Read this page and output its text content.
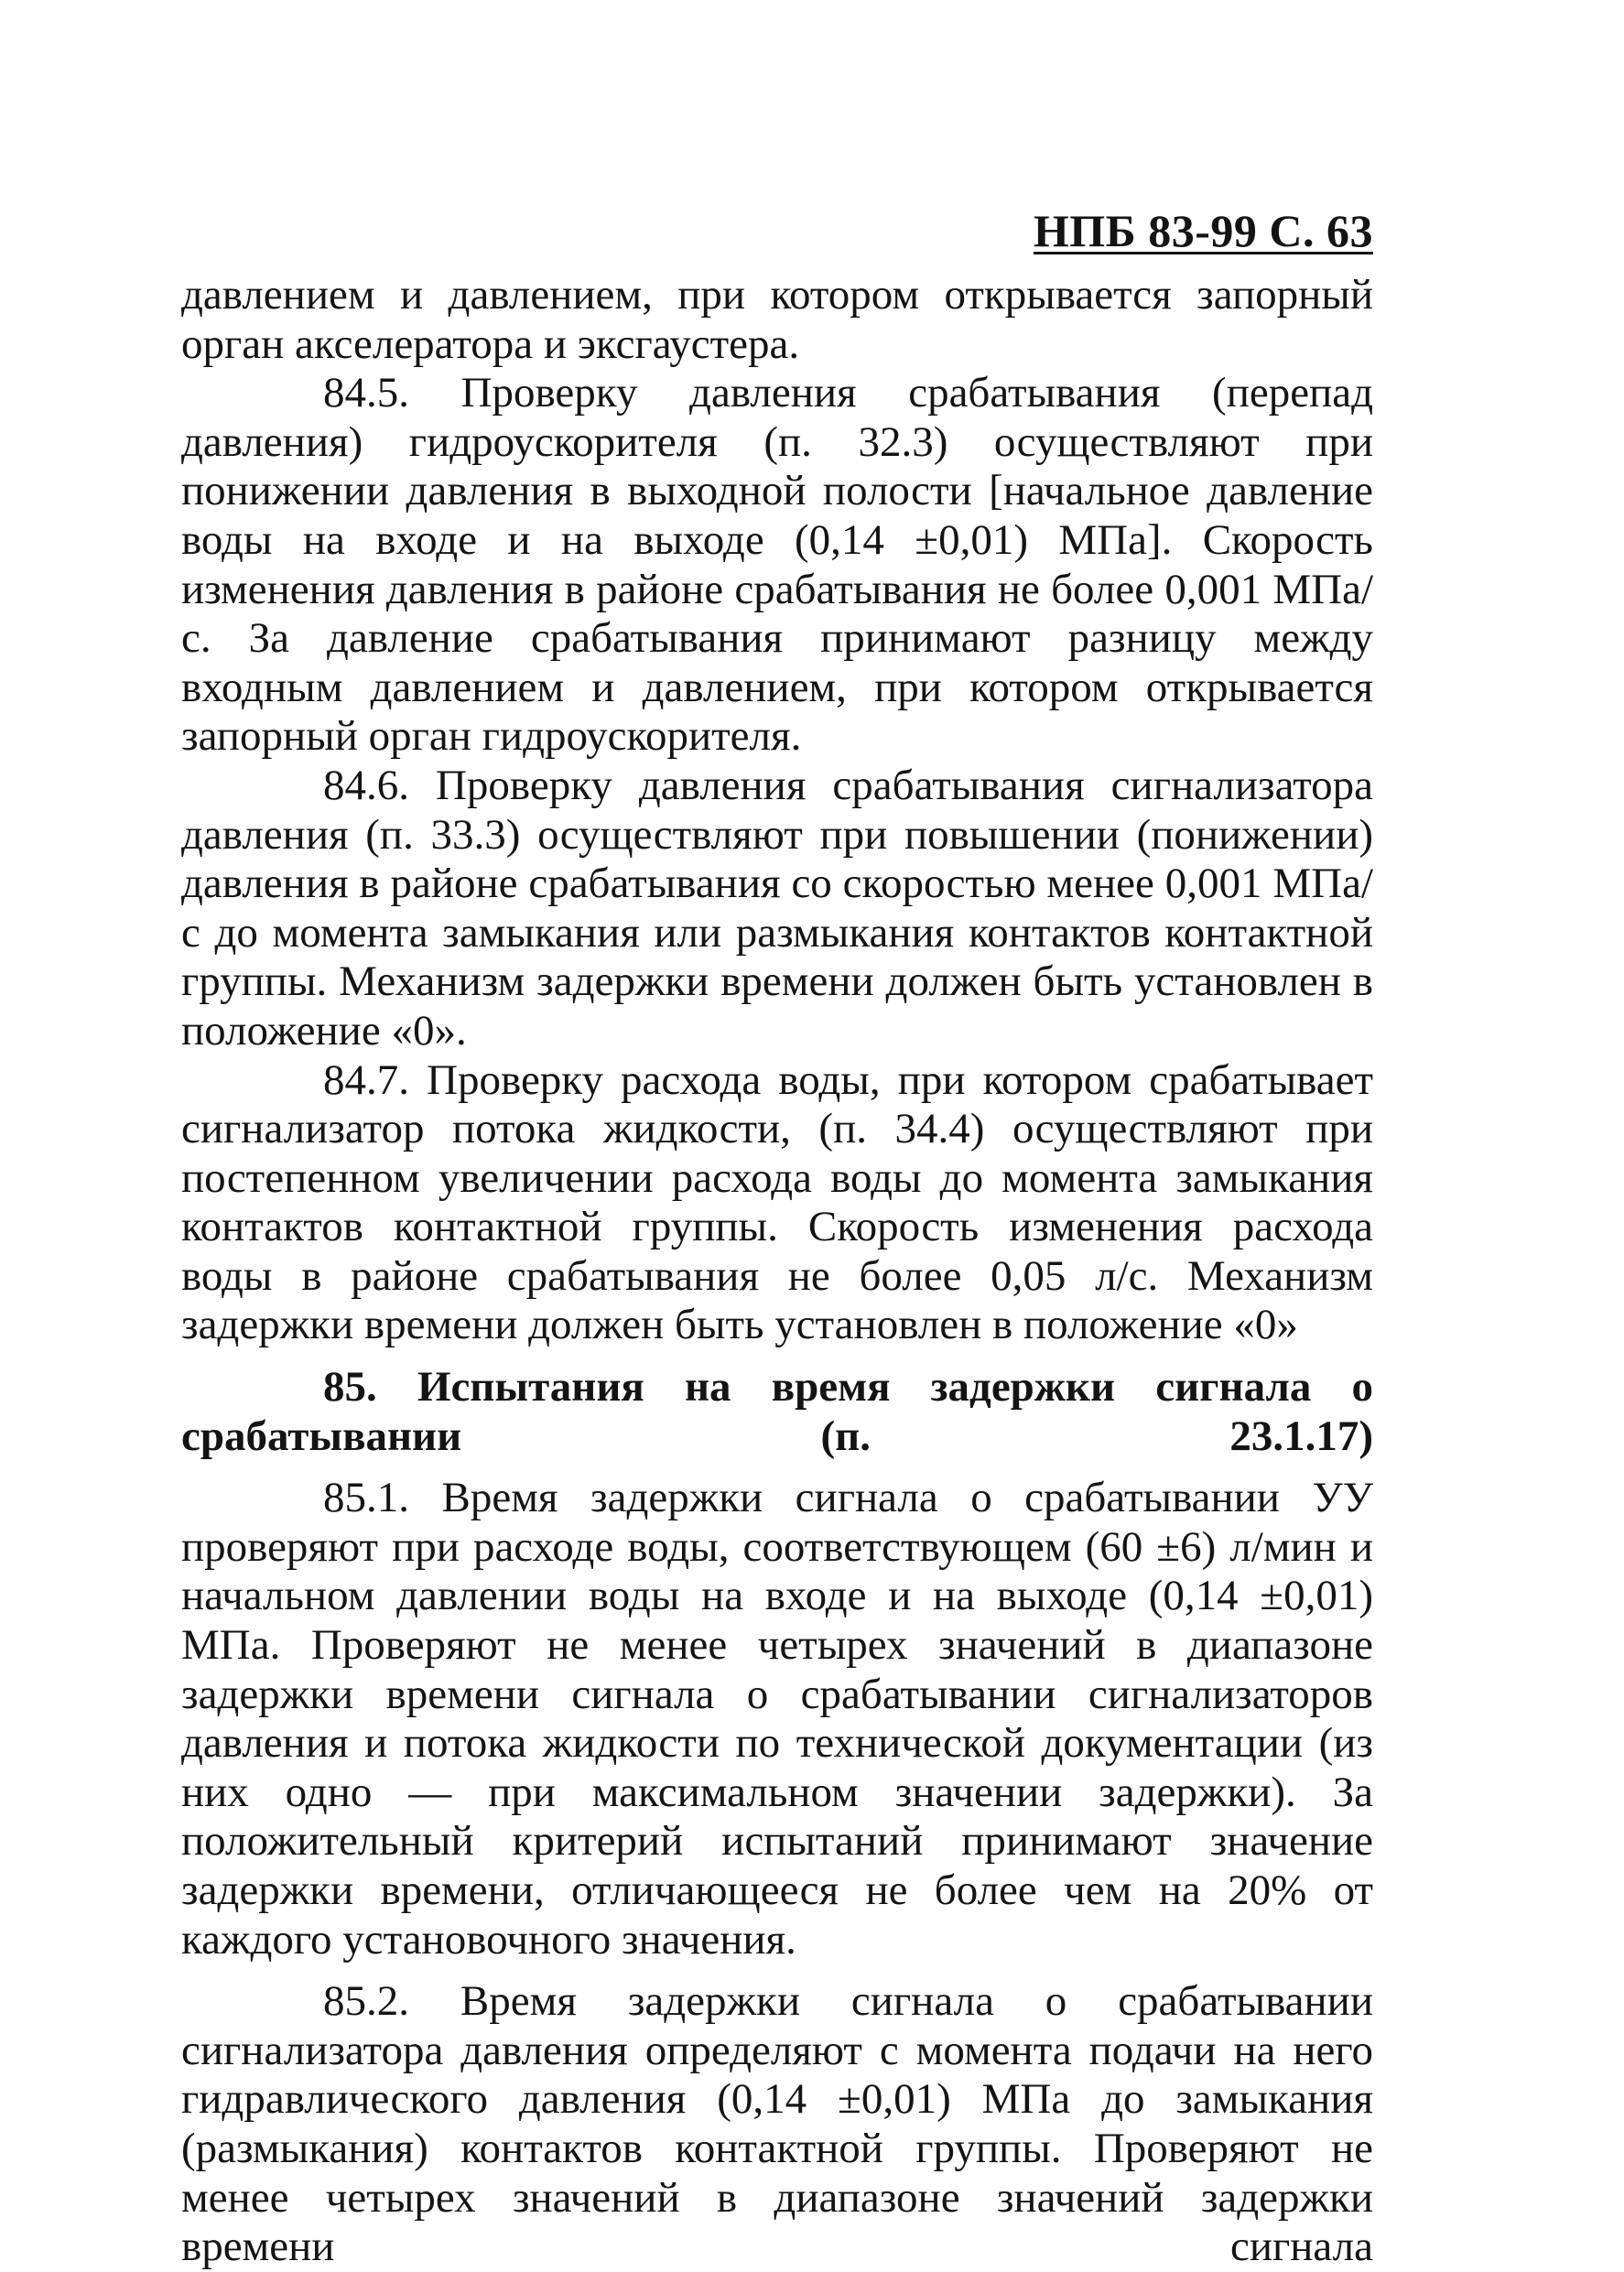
НПБ 83-99 С. 63

давлением и давлением, при котором открывается запорный орган акселератора и эксгаустера.

84.5. Проверку давления срабатывания (перепад давления) гидроускорителя (п. 32.3) осуществляют при понижении давления в выходной полости [начальное давление воды на входе и на выходе (0,14 ±0,01) МПа]. Скорость изменения давления в районе срабатывания не более 0,001 МПа/с. За давление срабатывания принимают разницу между входным давлением и давлением, при котором открывается запорный орган гидроускорителя.

84.6. Проверку давления срабатывания сигнализатора давления (п. 33.3) осуществляют при повышении (понижении) давления в районе срабатывания со скоростью менее 0,001 МПа/с до момента замыкания или размыкания контактов контактной группы. Механизм задержки времени должен быть установлен в положение «0».

84.7. Проверку расхода воды, при котором срабатывает сигнализатор потока жидкости, (п. 34.4) осуществляют при постепенном увеличении расхода воды до момента замыкания контактов контактной группы. Скорость изменения расхода воды в районе срабатывания не более 0,05 л/с. Механизм задержки времени должен быть установлен в положение «0»

85. Испытания на время задержки сигнала о срабатывании (п. 23.1.17)

85.1. Время задержки сигнала о срабатывании УУ проверяют при расходе воды, соответствующем (60 ±6) л/мин и начальном давлении воды на входе и на выходе (0,14 ±0,01) МПа. Проверяют не менее четырех значений в диапазоне задержки времени сигнала о срабатывании сигнализаторов давления и потока жидкости по технической документации (из них одно — при максимальном значении задержки). За положительный критерий испытаний принимают значение задержки времени, отличающееся не более чем на 20% от каждого установочного значения.

85.2. Время задержки сигнала о срабатывании сигнализатора давления определяют с момента подачи на него гидравлического давления (0,14 ±0,01) МПа до замыкания (размыкания) контактов контактной группы. Проверяют не менее четырех значений в диапазоне значений задержки времени сигнала
